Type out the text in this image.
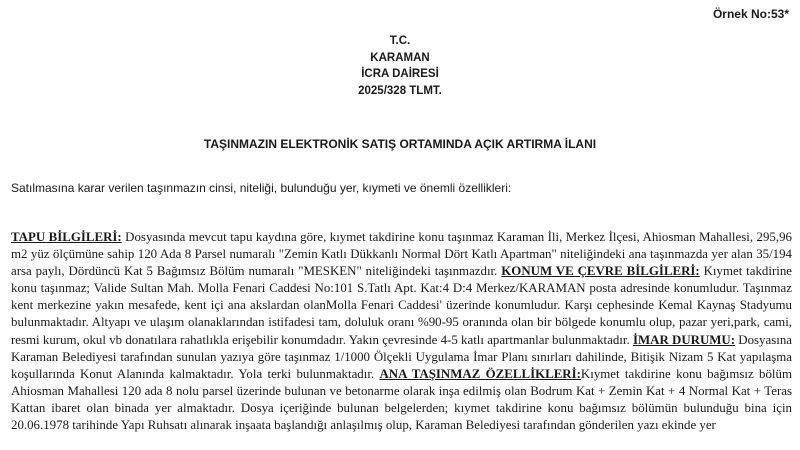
Örnek No:53*
T.C.
KARAMAN
İCRA DAİRESİ
2025/328 TLMT.
TAŞINMAZIN ELEKTRONİK SATIŞ ORTAMINDA AÇIK ARTIRMA İLANI
Satılmasına karar verilen taşınmazın cinsi, niteliği, bulunduğu yer, kıymeti ve önemli özellikleri:
TAPU BİLGİLERİ: Dosyasında mevcut tapu kaydına göre, kıymet takdirine konu taşınmaz Karaman İli, Merkez İlçesi, Ahiosman Mahallesi, 295,96 m2 yüz ölçümüne sahip 120 Ada 8 Parsel numaralı "Zemin Katlı Dükkanlı Normal Dört Katlı Apartman" niteliğindeki ana taşınmazda yer alan 35/194 arsa paylı, Dördüncü Kat 5 Bağımsız Bölüm numaralı "MESKEN" niteliğindeki taşınmazdır. KONUM VE ÇEVRE BİLGİLERİ: Kıymet takdirine konu taşınmaz; Valide Sultan Mah. Molla Fenari Caddesi No:101 S.Tatlı Apt. Kat:4 D:4 Merkez/KARAMAN posta adresinde konumludur. Taşınmaz kent merkezine yakın mesafede, kent içi ana akslardan olanMolla Fenari Caddesi' üzerinde konumludur. Karşı cephesinde Kemal Kaynaş Stadyumu bulunmaktadır. Altyapı ve ulaşım olanaklarından istifadesi tam, doluluk oranı %90-95 oranında olan bir bölgede konumlu olup, pazar yeri,park, cami, resmi kurum, okul vb donatılara rahatlıkla erişebilir konumdadır. Yakın çevresinde 4-5 katlı apartmanlar bulunmaktadır. İMAR DURUMU: Dosyasına Karaman Belediyesi tarafından sunulan yazıya göre taşınmaz 1/1000 Ölçekli Uygulama İmar Planı sınırları dahilinde, Bitişik Nizam 5 Kat yapılaşma koşullarında Konut Alanında kalmaktadır. Yola terki bulunmaktadır. ANA TAŞINMAZ ÖZELLİKLERİ:Kıymet takdirine konu bağımsız bölüm Ahiosman Mahallesi 120 ada 8 nolu parsel üzerinde bulunan ve betonarme olarak inşa edilmiş olan Bodrum Kat + Zemin Kat + 4 Normal Kat + Teras Kattan ibaret olan binada yer almaktadır. Dosya içeriğinde bulunan belgelerden; kıymet takdirine konu bağımsız bölümün bulunduğu bina için 20.06.1978 tarihinde Yapı Ruhsatı alınarak inşaata başlandığı anlaşılmış olup, Karaman Belediyesi tarafından gönderilen yazı ekinde yer
